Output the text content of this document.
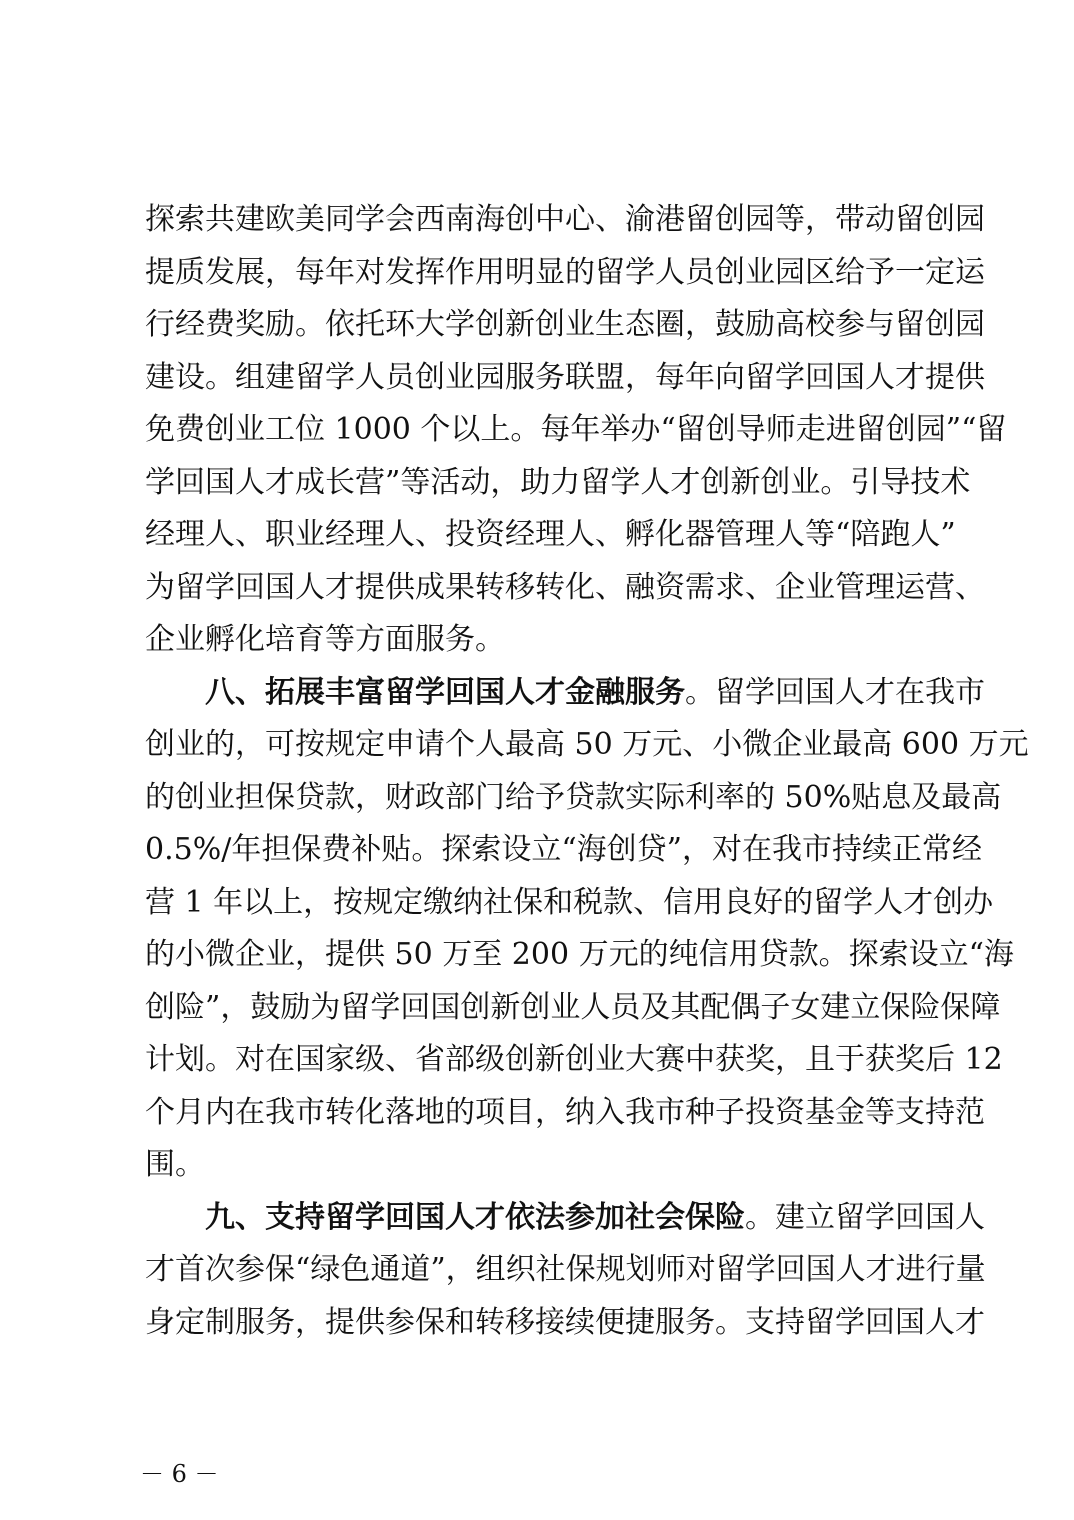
探索共建欧美同学会西南海创中心、渝港留创园等，带动留创园
提质发展，每年对发挥作用明显的留学人员创业园区给予一定运
行经费奖励。依托环大学创新创业生态圈，鼓励高校参与留创园
建设。组建留学人员创业园服务联盟，每年向留学回国人才提供
免费创业工位 1000 个以上。每年举办“留创导师走进留创园”“留
学回国人才成长营”等活动，助力留学人才创新创业。引导技术
经理人、职业经理人、投资经理人、孵化器管理人等“陪跑人”
为留学回国人才提供成果转移转化、融资需求、企业管理运营、
企业孵化培育等方面服务。
八、拓展丰富留学回国人才金融服务。留学回国人才在我市
创业的，可按规定申请个人最高 50 万元、小微企业最高 600 万元
的创业担保贷款，财政部门给予贷款实际利率的 50%贴息及最高
0.5%/年担保费补贴。探索设立“海创贷”，对在我市持续正常经
营 1 年以上，按规定缴纳社保和税款、信用良好的留学人才创办
的小微企业，提供 50 万至 200 万元的纯信用贷款。探索设立“海
创险”，鼓励为留学回国创新创业人员及其配偶子女建立保险保障
计划。对在国家级、省部级创新创业大赛中获奖，且于获奖后 12
个月内在我市转化落地的项目，纳入我市种子投资基金等支持范
围。
九、支持留学回国人才依法参加社会保险。建立留学回国人
才首次参保“绿色通道”，组织社保规划师对留学回国人才进行量
身定制服务，提供参保和转移接续便捷服务。支持留学回国人才
－ 6 －
